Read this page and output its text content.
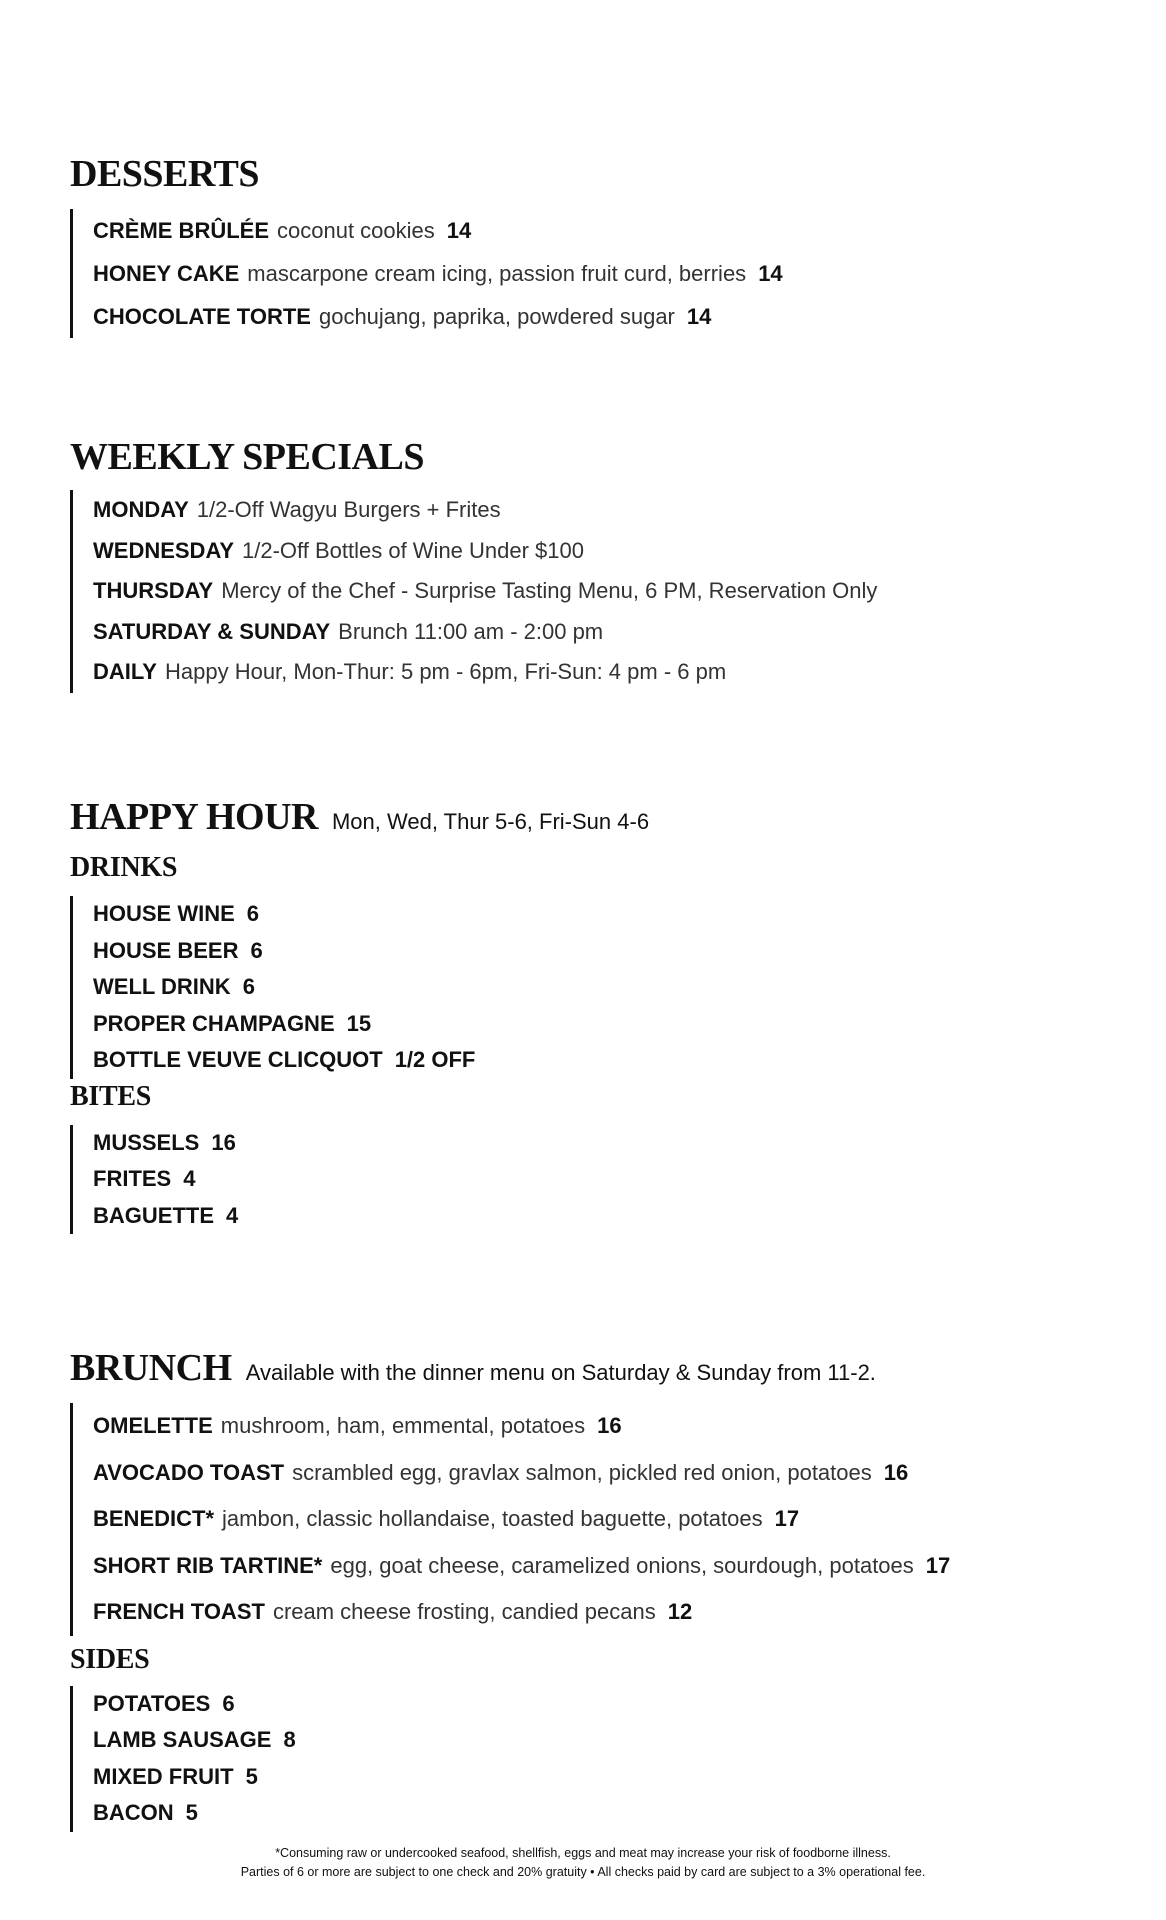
DESSERTS
CRÈME BRÛLÉE coconut cookies 14
HONEY CAKE mascarpone cream icing, passion fruit curd, berries 14
CHOCOLATE TORTE gochujang, paprika, powdered sugar 14
WEEKLY SPECIALS
MONDAY 1/2-Off Wagyu Burgers + Frites
WEDNESDAY 1/2-Off Bottles of Wine Under $100
THURSDAY Mercy of the Chef - Surprise Tasting Menu, 6 PM, Reservation Only
SATURDAY & SUNDAY Brunch 11:00 am - 2:00 pm
DAILY Happy Hour, Mon-Thur: 5 pm - 6pm, Fri-Sun: 4 pm - 6 pm
HAPPY HOUR Mon, Wed, Thur 5-6, Fri-Sun 4-6
DRINKS
HOUSE WINE 6
HOUSE BEER 6
WELL DRINK 6
PROPER CHAMPAGNE 15
BOTTLE VEUVE CLICQUOT 1/2 OFF
BITES
MUSSELS 16
FRITES 4
BAGUETTE 4
BRUNCH Available with the dinner menu on Saturday & Sunday from 11-2.
OMELETTE mushroom, ham, emmental, potatoes 16
AVOCADO TOAST scrambled egg, gravlax salmon, pickled red onion, potatoes 16
BENEDICT* jambon, classic hollandaise, toasted baguette, potatoes 17
SHORT RIB TARTINE* egg, goat cheese, caramelized onions, sourdough, potatoes 17
FRENCH TOAST cream cheese frosting, candied pecans 12
SIDES
POTATOES 6
LAMB SAUSAGE 8
MIXED FRUIT 5
BACON 5
*Consuming raw or undercooked seafood, shellfish, eggs and meat may increase your risk of foodborne illness.
Parties of 6 or more are subject to one check and 20% gratuity • All checks paid by card are subject to a 3% operational fee.
